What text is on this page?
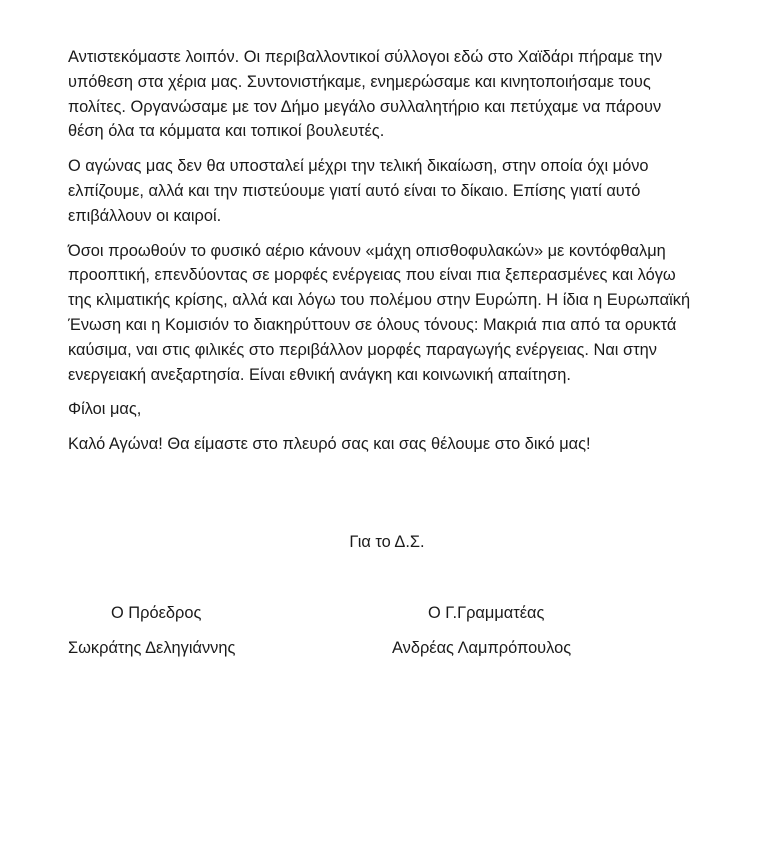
Αντιστεκόμαστε λοιπόν. Οι περιβαλλοντικοί σύλλογοι εδώ στο Χαϊδάρι πήραμε την υπόθεση στα χέρια μας. Συντονιστήκαμε, ενημερώσαμε και κινητοποιήσαμε τους πολίτες. Οργανώσαμε με τον Δήμο μεγάλο συλλαλητήριο και πετύχαμε να πάρουν θέση όλα τα κόμματα και τοπικοί βουλευτές.

Ο αγώνας μας δεν θα υποσταλεί μέχρι την τελική δικαίωση, στην οποία όχι μόνο ελπίζουμε, αλλά και την πιστεύουμε γιατί αυτό είναι το δίκαιο. Επίσης γιατί αυτό επιβάλλουν οι καιροί.

Όσοι προωθούν το φυσικό αέριο κάνουν «μάχη οπισθοφυλακών» με κοντόφθαλμη προοπτική, επενδύοντας σε μορφές ενέργειας που είναι πια ξεπερασμένες και λόγω της κλιματικής κρίσης, αλλά και λόγω του πολέμου στην Ευρώπη. Η ίδια η Ευρωπαϊκή Ένωση και η Κομισιόν το διακηρύττουν σε όλους τόνους: Μακριά πια από τα ορυκτά καύσιμα, ναι στις φιλικές στο περιβάλλον μορφές παραγωγής ενέργειας. Ναι στην ενεργειακή ανεξαρτησία. Είναι εθνική ανάγκη και κοινωνική απαίτηση.

Φίλοι μας,

Καλό Αγώνα! Θα είμαστε στο πλευρό σας και σας θέλουμε στο δικό μας!

Για το Δ.Σ.
Ο Πρόεδρος
Σωκράτης Δεληγιάννης
Ο Γ.Γραμματέας
Ανδρέας Λαμπρόπουλος
